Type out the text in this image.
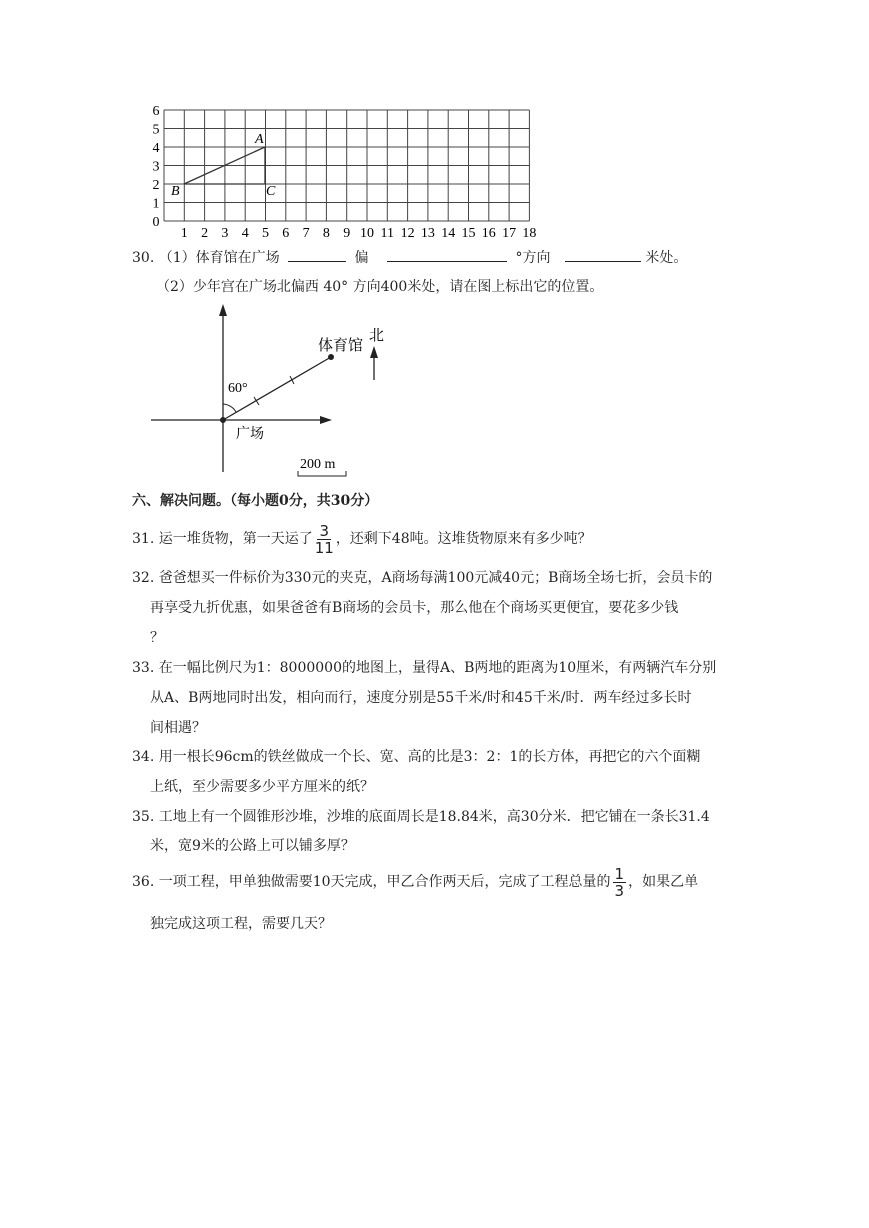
1 2 3 4 5 6 7 8 9 10 11 12 13 14 15 16 17 18
0
1
2
3
4
5
6
A
B	C
30. （1）体育馆在广场	偏	°方向	米处。
（2）少年宫在广场北偏西 40° 方向400米处，请在图上标出它的位置。
60°
体育馆
广场
北
200 m
六、解决问题。（每小题0分，共30分）
31. 运一堆货物，第一天运了 $\frac{3}{11}$ ，还剩下48吨。这堆货物原来有多少吨？
32. 爸爸想买一件标价为330元的夹克，A商场每满100元减40元；B商场全场七折，会员卡的
再享受九折优惠，如果爸爸有B商场的会员卡，那么他在个商场买更便宜，要花多少钱
？
33. 在一幅比例尺为1：8000000的地图上，量得A、B两地的距离为10厘米，有两辆汽车分别
从A、B两地同时出发，相向而行，速度分别是55千米/时和45千米/时．两车经过多长时
间相遇？
34. 用一根长96cm的铁丝做成一个长、宽、高的比是3：2：1的长方体，再把它的六个面糊
上纸，至少需要多少平方厘米的纸？
35. 工地上有一个圆锥形沙堆，沙堆的底面周长是18.84米，高30分米．把它铺在一条长31.4
米，宽9米的公路上可以铺多厚？
36. 一项工程，甲单独做需要10天完成，甲乙合作两天后，完成了工程总量的 $\frac{1}{3}$ ，如果乙单
独完成这项工程，需要几天？
